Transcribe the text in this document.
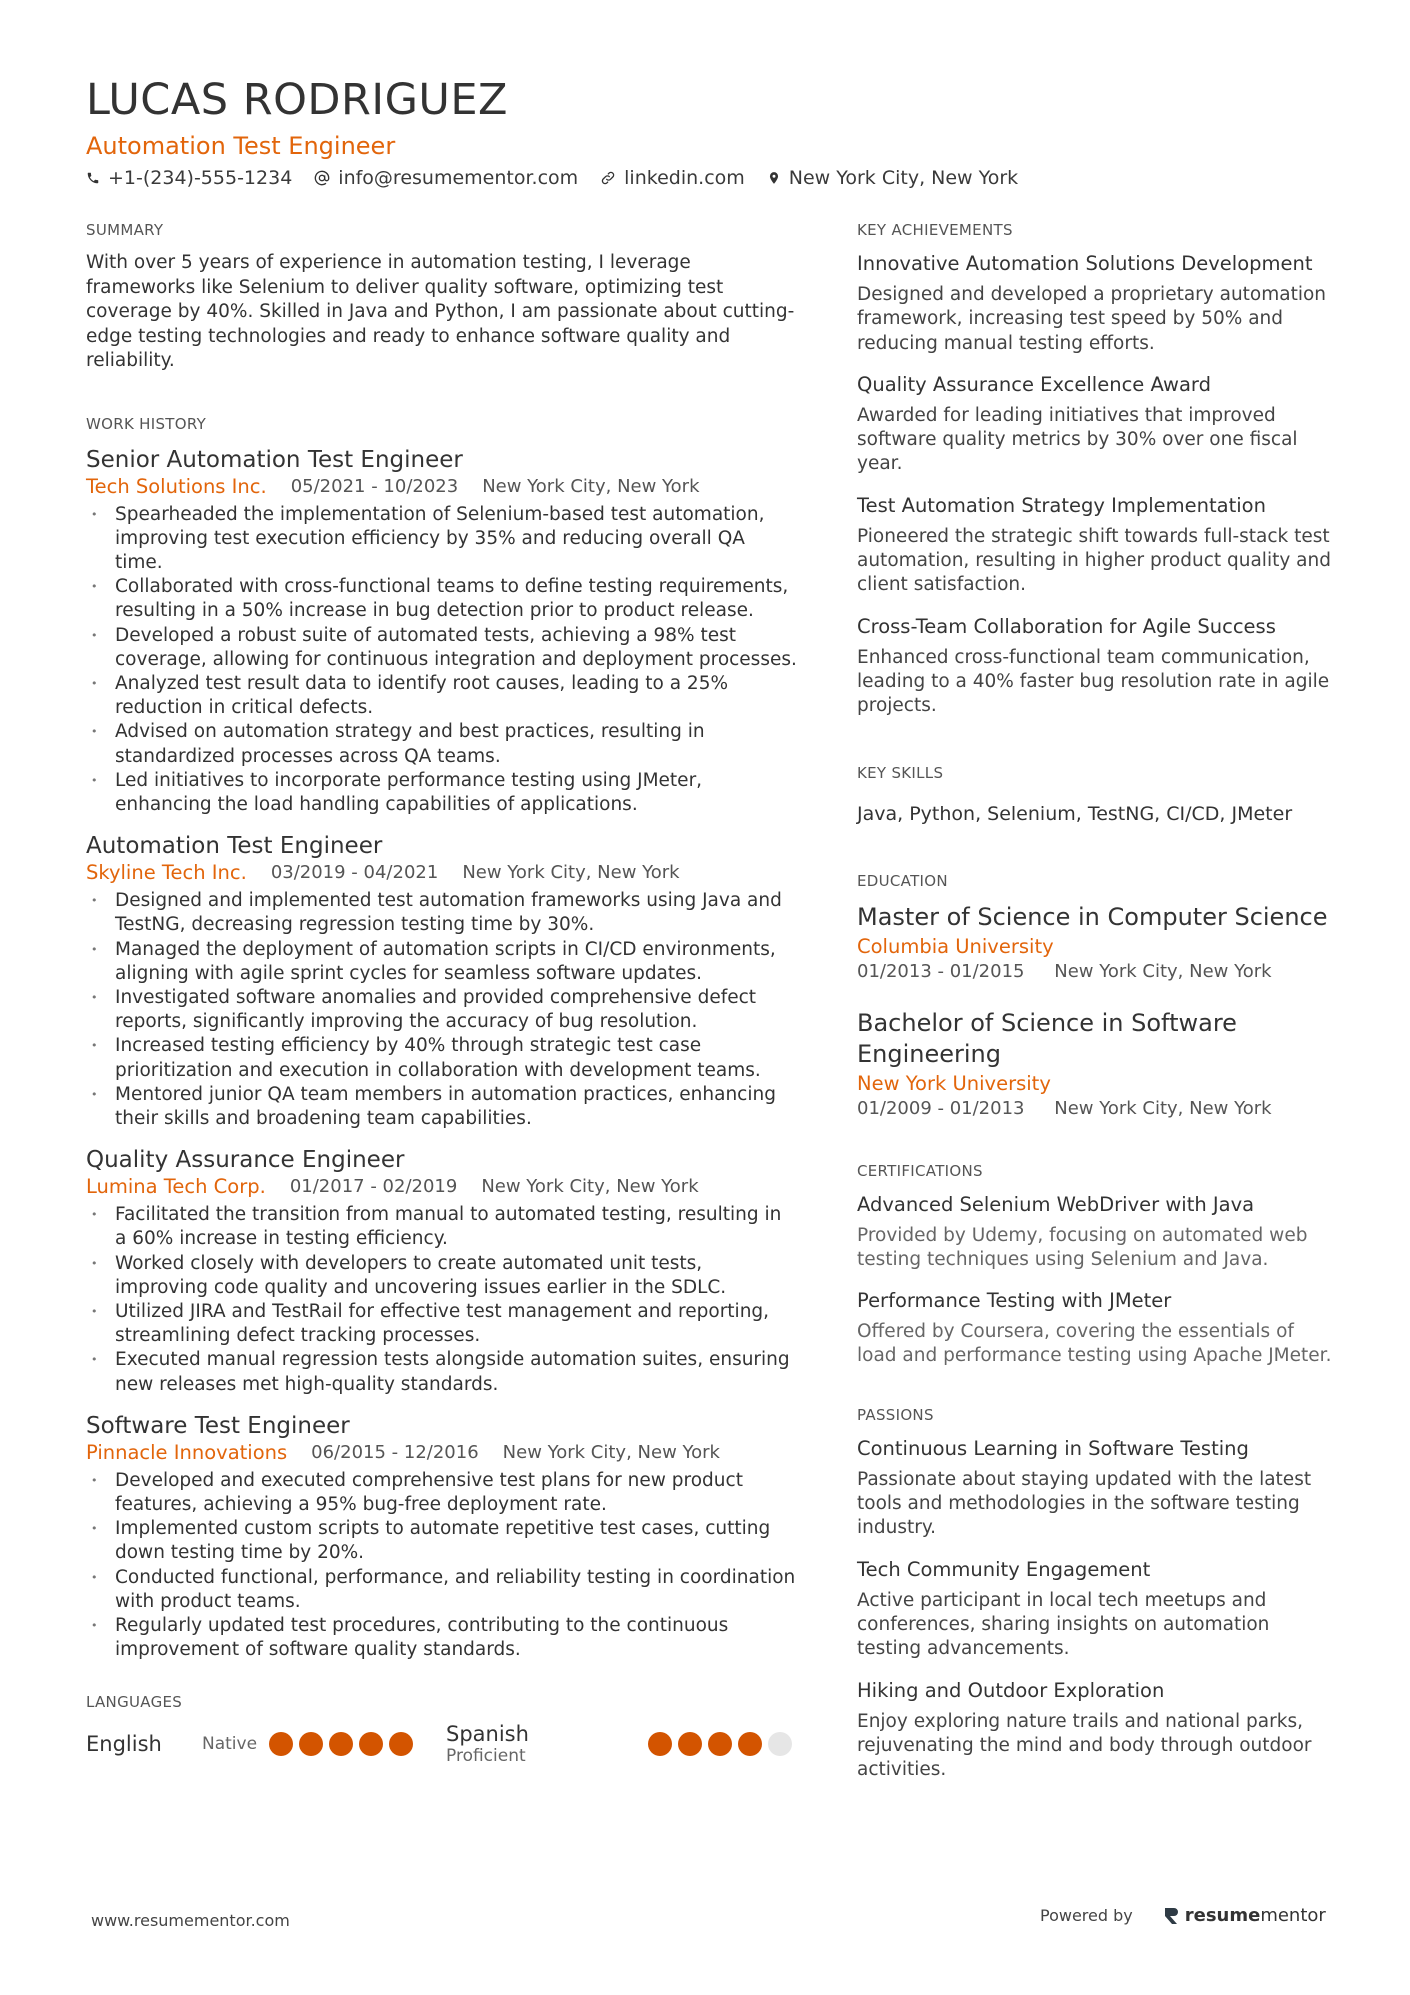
LUCAS RODRIGUEZ
Automation Test Engineer
+1-(234)-555-1234 info@resumementor.com linkedin.com New York City, New York
SUMMARY
With over 5 years of experience in automation testing, I leverage frameworks like Selenium to deliver quality software, optimizing test coverage by 40%. Skilled in Java and Python, I am passionate about cutting-edge testing technologies and ready to enhance software quality and reliability.
WORK HISTORY
Senior Automation Test Engineer
Tech Solutions Inc. 05/2021 - 10/2023 New York City, New York
• Spearheaded the implementation of Selenium-based test automation, improving test execution efficiency by 35% and reducing overall QA time.
• Collaborated with cross-functional teams to define testing requirements, resulting in a 50% increase in bug detection prior to product release.
• Developed a robust suite of automated tests, achieving a 98% test coverage, allowing for continuous integration and deployment processes.
• Analyzed test result data to identify root causes, leading to a 25% reduction in critical defects.
• Advised on automation strategy and best practices, resulting in standardized processes across QA teams.
• Led initiatives to incorporate performance testing using JMeter, enhancing the load handling capabilities of applications.
Automation Test Engineer
Skyline Tech Inc. 03/2019 - 04/2021 New York City, New York
• Designed and implemented test automation frameworks using Java and TestNG, decreasing regression testing time by 30%.
• Managed the deployment of automation scripts in CI/CD environments, aligning with agile sprint cycles for seamless software updates.
• Investigated software anomalies and provided comprehensive defect reports, significantly improving the accuracy of bug resolution.
• Increased testing efficiency by 40% through strategic test case prioritization and execution in collaboration with development teams.
• Mentored junior QA team members in automation practices, enhancing their skills and broadening team capabilities.
Quality Assurance Engineer
Lumina Tech Corp. 01/2017 - 02/2019 New York City, New York
• Facilitated the transition from manual to automated testing, resulting in a 60% increase in testing efficiency.
• Worked closely with developers to create automated unit tests, improving code quality and uncovering issues earlier in the SDLC.
• Utilized JIRA and TestRail for effective test management and reporting, streamlining defect tracking processes.
• Executed manual regression tests alongside automation suites, ensuring new releases met high-quality standards.
Software Test Engineer
Pinnacle Innovations 06/2015 - 12/2016 New York City, New York
• Developed and executed comprehensive test plans for new product features, achieving a 95% bug-free deployment rate.
• Implemented custom scripts to automate repetitive test cases, cutting down testing time by 20%.
• Conducted functional, performance, and reliability testing in coordination with product teams.
• Regularly updated test procedures, contributing to the continuous improvement of software quality standards.
LANGUAGES
English	Native	Spanish
Proficient
KEY ACHIEVEMENTS
Innovative Automation Solutions Development
Designed and developed a proprietary automation framework, increasing test speed by 50% and reducing manual testing efforts.
Quality Assurance Excellence Award
Awarded for leading initiatives that improved software quality metrics by 30% over one fiscal year.
Test Automation Strategy Implementation
Pioneered the strategic shift towards full-stack test automation, resulting in higher product quality and client satisfaction.
Cross-Team Collaboration for Agile Success
Enhanced cross-functional team communication, leading to a 40% faster bug resolution rate in agile projects.
KEY SKILLS
Java, Python, Selenium, TestNG, CI/CD, JMeter
EDUCATION
Master of Science in Computer Science
Columbia University
01/2013 - 01/2015 New York City, New York
Bachelor of Science in Software Engineering
New York University
01/2009 - 01/2013 New York City, New York
CERTIFICATIONS
Advanced Selenium WebDriver with Java
Provided by Udemy, focusing on automated web testing techniques using Selenium and Java.
Performance Testing with JMeter
Offered by Coursera, covering the essentials of load and performance testing using Apache JMeter.
PASSIONS
Continuous Learning in Software Testing
Passionate about staying updated with the latest tools and methodologies in the software testing industry.
Tech Community Engagement
Active participant in local tech meetups and conferences, sharing insights on automation testing advancements.
Hiking and Outdoor Exploration
Enjoy exploring nature trails and national parks, rejuvenating the mind and body through outdoor activities.
www.resumementor.com	Powered by	resume mentor
